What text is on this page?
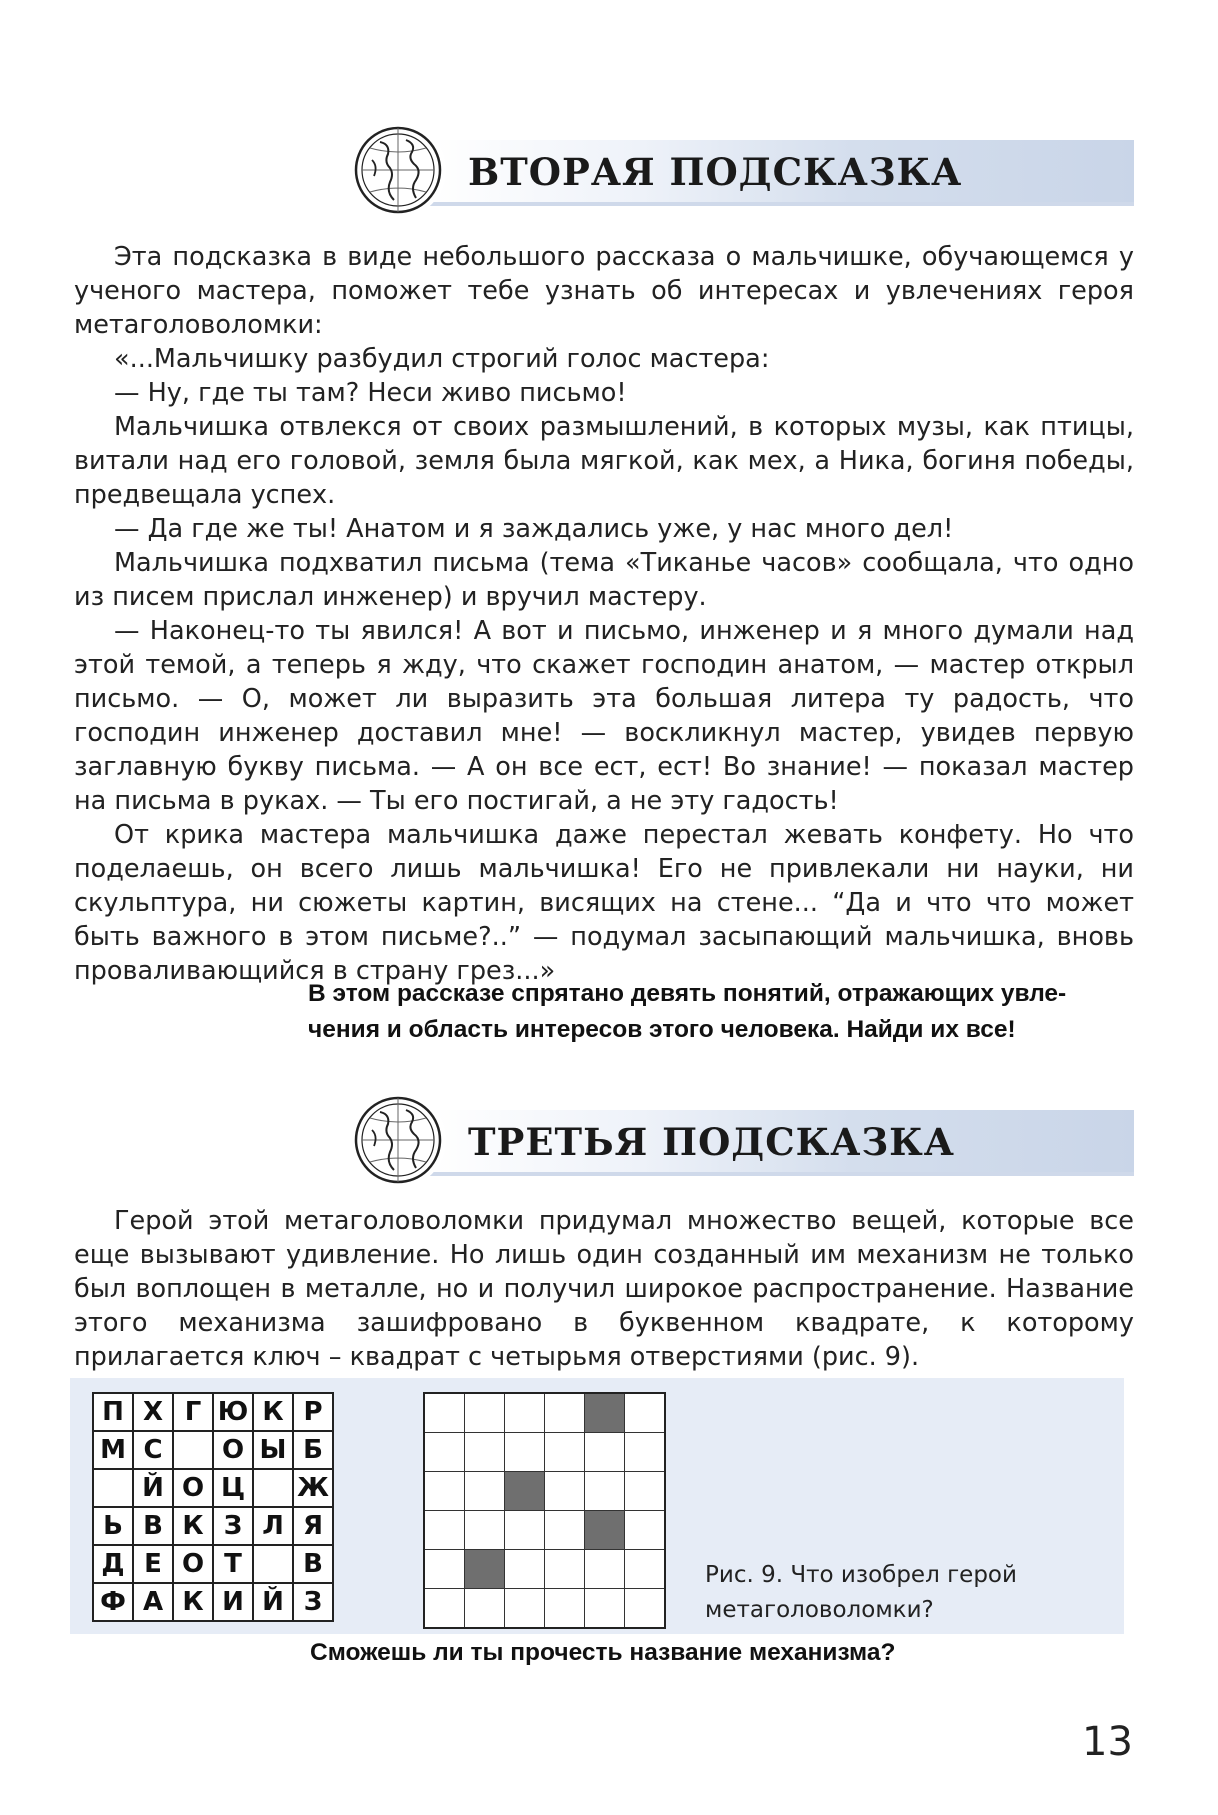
ВТОРАЯ ПОДСКАЗКА

Эта подсказка в виде небольшого рассказа о мальчишке, обучающемся у ученого мастера, поможет тебе узнать об интересах и увлечениях героя метаголоволомки:

«...Мальчишку разбудил строгий голос мастера:

— Ну, где ты там? Неси живо письмо!

Мальчишка отвлекся от своих размышлений, в которых музы, как птицы, витали над его головой, земля была мягкой, как мех, а Ника, богиня победы, предвещала успех.

— Да где же ты! Анатом и я заждались уже, у нас много дел!

Мальчишка подхватил письма (тема «Тиканье часов» сообщала, что одно из писем прислал инженер) и вручил мастеру.

— Наконец-то ты явился! А вот и письмо, инженер и я много думали над этой темой, а теперь я жду, что скажет господин анатом, — мастер открыл письмо. — О, может ли выразить эта большая литера ту радость, что господин инженер доставил мне! — воскликнул мастер, увидев первую заглавную букву письма. — А он все ест, ест! Во знание! — показал мастер на письма в руках. — Ты его постигай, а не эту гадость!

От крика мастера мальчишка даже перестал жевать конфету. Но что поделаешь, он всего лишь мальчишка! Его не привлекали ни науки, ни скульптура, ни сюжеты картин, висящих на стене... “Да и что что может быть важного в этом письме?..” — подумал засыпающий мальчишка, вновь проваливающийся в страну грез...»

В этом рассказе спрятано девять понятий, отражающих увле-
чения и область интересов этого человека. Найди их все!
ТРЕТЬЯ ПОДСКАЗКА

Герой этой метаголоволомки придумал множество вещей, которые все еще вызывают удивление. Но лишь один созданный им механизм не только был воплощен в металле, но и получил широкое распространение. Название этого механизма зашифровано в буквенном квадрате, к которому прилагается ключ – квадрат с четырьмя отверстиями (рис. 9).

П	Х	Г	Ю	К	Р
М	С		О	Ы	Б
	Й	О	Ц		Ж
Ь	В	К	З	Л	Я
Д	Е	О	Т		В
Ф	А	К	И	Й	З

Рис. 9. Что изобрел герой
метаголоволомки?
Сможешь ли ты прочесть название механизма?
13
